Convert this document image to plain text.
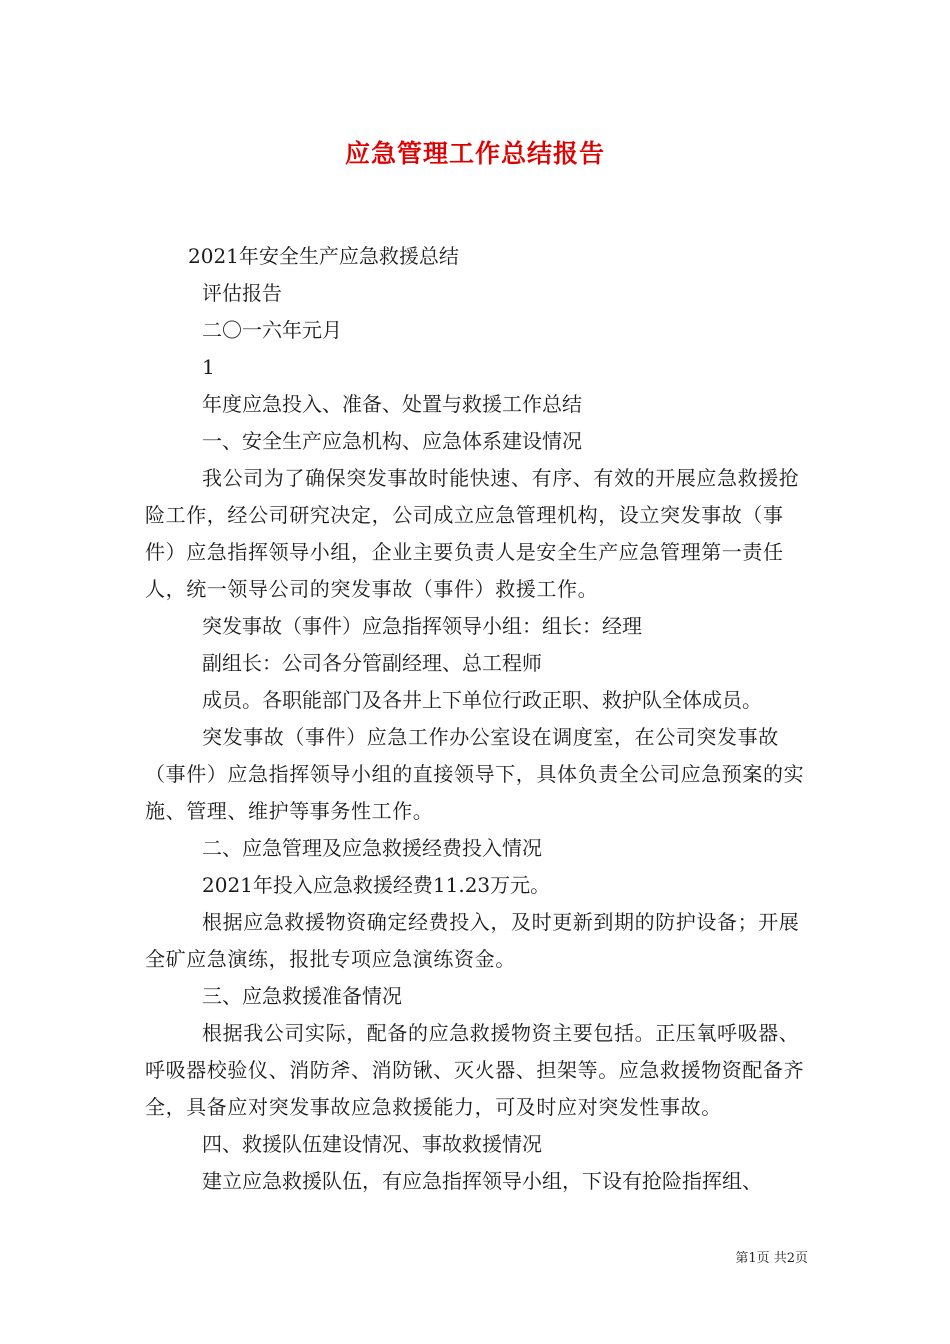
应急管理工作总结报告
2021年安全生产应急救援总结
评估报告
二〇一六年元月
1
年度应急投入、准备、处置与救援工作总结
一、安全生产应急机构、应急体系建设情况
我公司为了确保突发事故时能快速、有序、有效的开展应急救援抢险工作，经公司研究决定，公司成立应急管理机构，设立突发事故（事件）应急指挥领导小组，企业主要负责人是安全生产应急管理第一责任人，统一领导公司的突发事故（事件）救援工作。
突发事故（事件）应急指挥领导小组：组长：经理
副组长：公司各分管副经理、总工程师
成员。各职能部门及各井上下单位行政正职、救护队全体成员。
突发事故（事件）应急工作办公室设在调度室，在公司突发事故（事件）应急指挥领导小组的直接领导下，具体负责全公司应急预案的实施、管理、维护等事务性工作。
二、应急管理及应急救援经费投入情况
2021年投入应急救援经费11.23万元。
根据应急救援物资确定经费投入，及时更新到期的防护设备；开展全矿应急演练，报批专项应急演练资金。
三、应急救援准备情况
根据我公司实际，配备的应急救援物资主要包括。正压氧呼吸器、呼吸器校验仪、消防斧、消防锹、灭火器、担架等。应急救援物资配备齐全，具备应对突发事故应急救援能力，可及时应对突发性事故。
四、救援队伍建设情况、事故救援情况
建立应急救援队伍，有应急指挥领导小组，下设有抢险指挥组、
第1页 共2页
